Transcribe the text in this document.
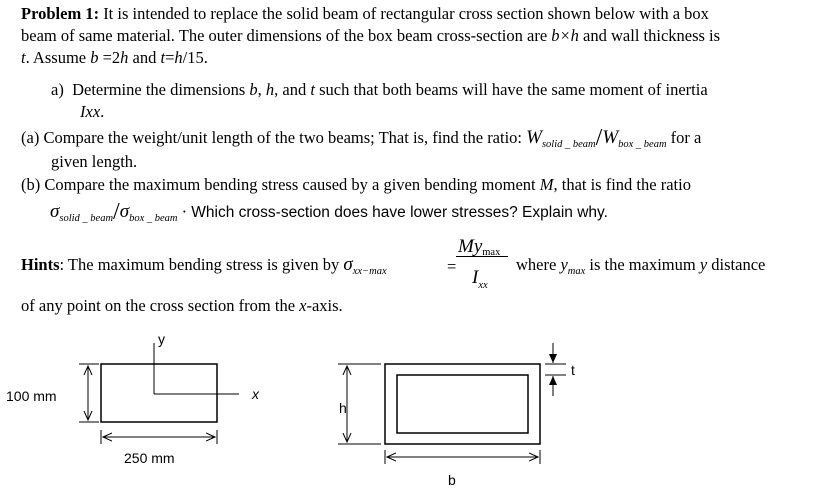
Problem 1: It is intended to replace the solid beam of rectangular cross section shown below with a box
beam of same material. The outer dimensions of the box beam cross-section are b×h and wall thickness is
t. Assume b =2h and t=h/15.
a) Determine the dimensions b, h, and t such that both beams will have the same moment of inertia
Ixx.
(a) Compare the weight/unit length of the two beams; That is, find the ratio: $W_{solid \_ beam}/W_{box \_ beam}$ for a
given length.
(b) Compare the maximum bending stress caused by a given bending moment M, that is find the ratio
$\sigma_{solid \_ beam}/\sigma_{box \_ beam}$ · Which cross-section does have lower stresses? Explain why.
Hints: The maximum bending stress is given by $\sigma_{xx-max}$	=
Mymax
$I_{xx}$
where $y_{max}$ is the maximum y distance
of any point on the cross section from the x-axis.
y
x
100 mm
250 mm
h
b
t
